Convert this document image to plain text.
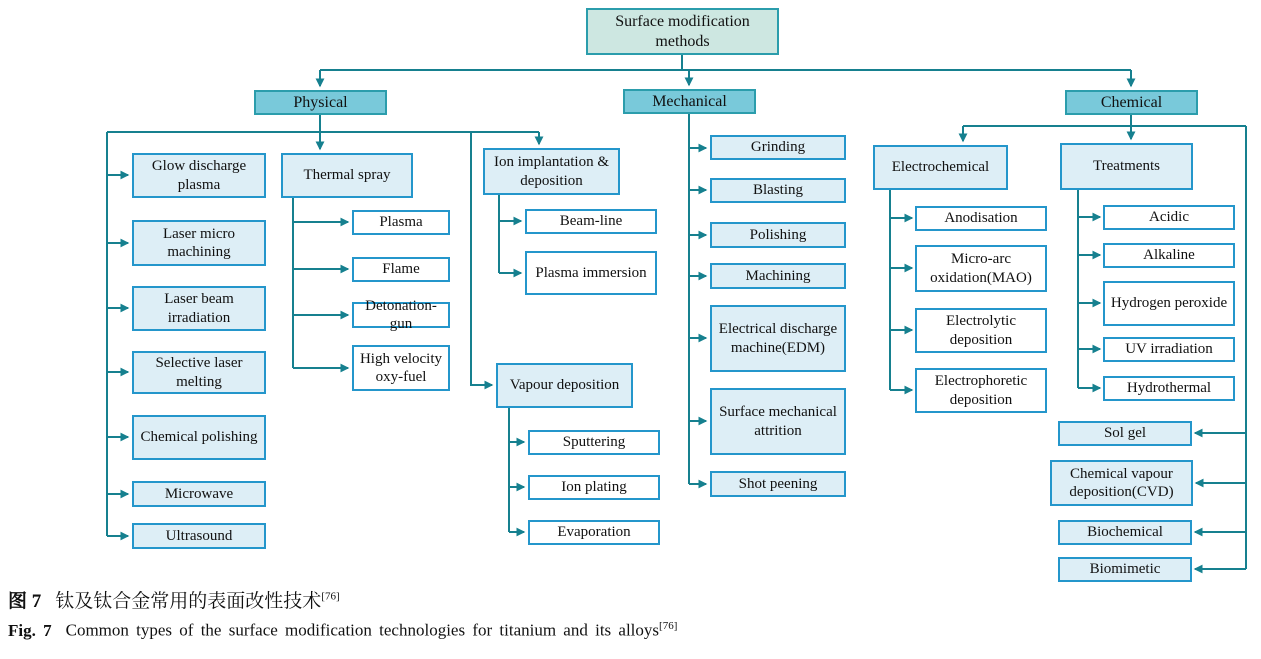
Surface modification methods
Physical	Mechanical	Chemical
Glow discharge plasma
Laser micro machining
Laser beam irradiation
Selective laser melting
Chemical polishing
Microwave
Ultrasound
Thermal spray
Plasma
Flame
Detonation-gun
High velocity oxy-fuel
Ion implantation & deposition
Beam-line
Plasma immersion
Vapour deposition
Sputtering
Ion plating
Evaporation
Grinding
Blasting
Polishing
Machining
Electrical discharge machine(EDM)
Surface mechanical attrition
Shot peening
Electrochemical
Anodisation
Micro-arc oxidation(MAO)
Electrolytic deposition
Electrophoretic deposition
Treatments
Acidic
Alkaline
Hydrogen peroxide
UV irradiation
Hydrothermal
Sol gel
Chemical vapour deposition(CVD)
Biochemical
Biomimetic
图 7 钛及钛合金常用的表面改性技术[76]
Fig. 7 Common types of the surface modification technologies for titanium and its alloys[76]
